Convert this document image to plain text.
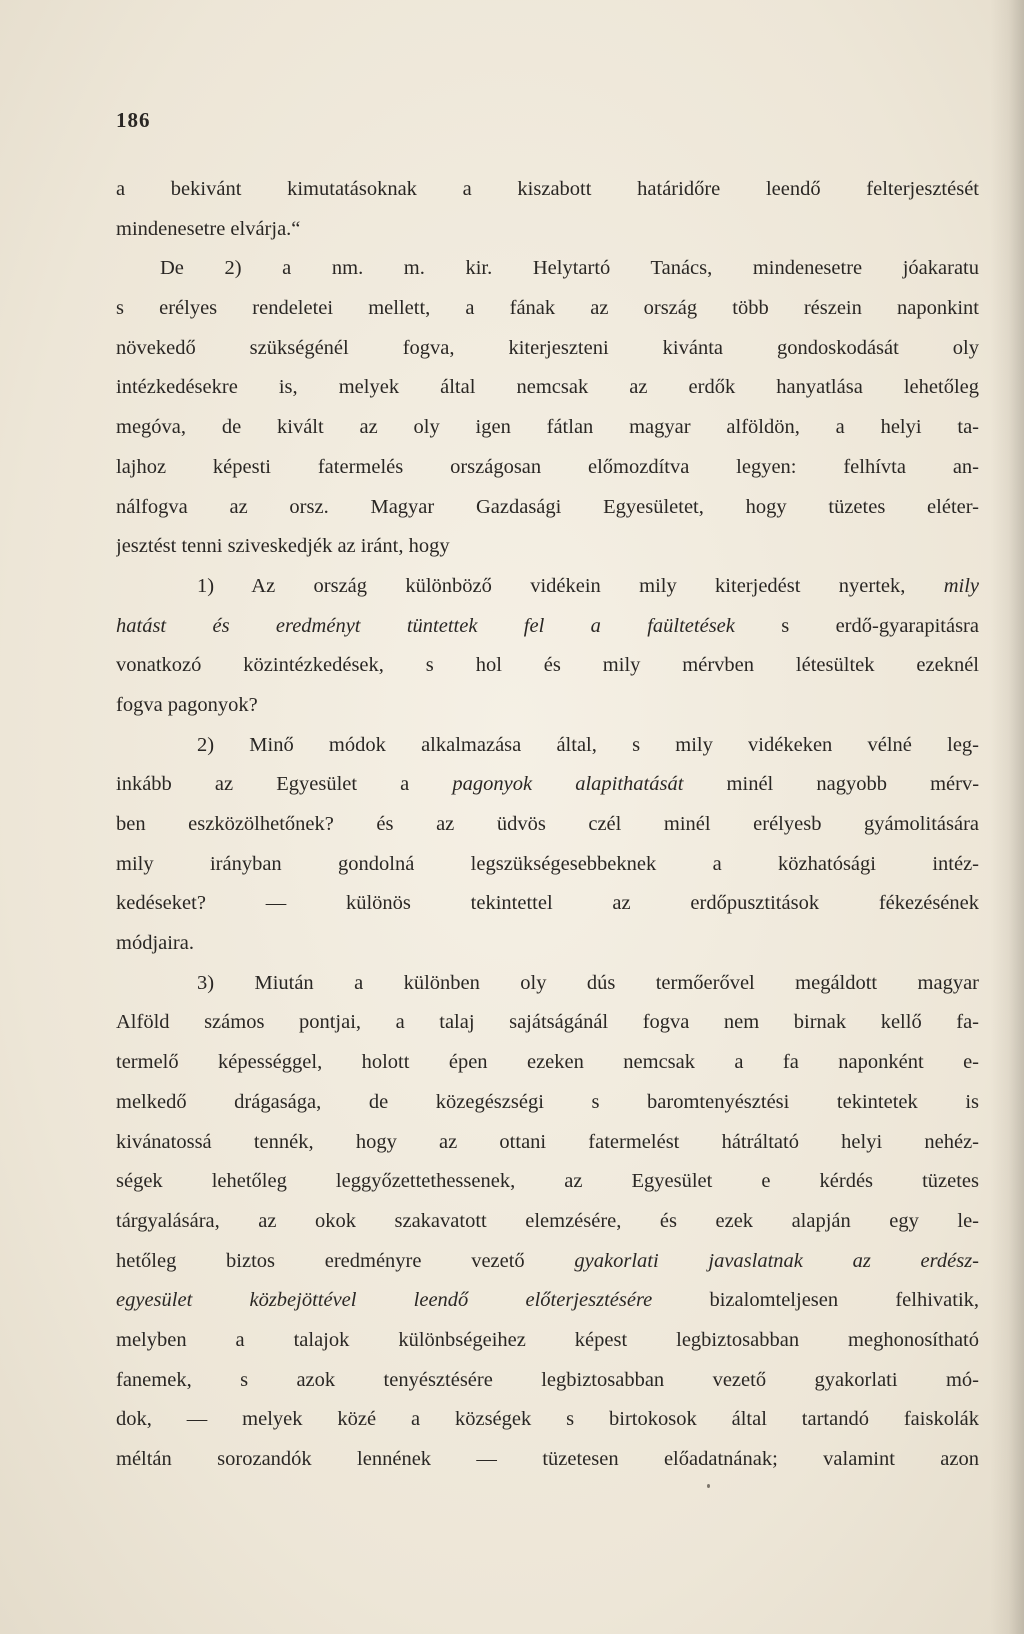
186
a bekivánt kimutatásoknak a kiszabott határidőre leendő felterjesztését
mindenesetre elvárja.“
De 2) a nm. m. kir. Helytartó Tanács, mindenesetre jóakaratu
s erélyes rendeletei mellett, a fának az ország több részein naponkint
növekedő szükségénél fogva, kiterjeszteni kivánta gondoskodását oly
intézkedésekre is, melyek által nemcsak az erdők hanyatlása lehetőleg
megóva, de kivált az oly igen fátlan magyar alföldön, a helyi ta-
lajhoz képesti fatermelés országosan előmozdítva legyen: felhívta an-
nálfogva az orsz. Magyar Gazdasági Egyesületet, hogy tüzetes eléter-
jesztést tenni sziveskedjék az iránt, hogy
1) Az ország különböző vidékein mily kiterjedést nyertek, mily
hatást és eredményt tüntettek fel a faültetések s erdő-gyarapitásra
vonatkozó közintézkedések, s hol és mily mérvben létesültek ezeknél
fogva pagonyok?
2) Minő módok alkalmazása által, s mily vidékeken vélné leg-
inkább az Egyesület a pagonyok alapithatását minél nagyobb mérv-
ben eszközölhetőnek? és az üdvös czél minél erélyesb gyámolitására
mily irányban gondolná legszükségesebbeknek a közhatósági intéz-
kedéseket? — különös tekintettel az erdőpusztitások fékezésének
módjaira.
3) Miután a különben oly dús termőerővel megáldott magyar
Alföld számos pontjai, a talaj sajátságánál fogva nem birnak kellő fa-
termelő képességgel, holott épen ezeken nemcsak a fa naponként e-
melkedő drágasága, de közegészségi s baromtenyésztési tekintetek is
kivánatossá tennék, hogy az ottani fatermelést hátráltató helyi nehéz-
ségek lehetőleg leggyőzettethessenek, az Egyesület e kérdés tüzetes
tárgyalására, az okok szakavatott elemzésére, és ezek alapján egy le-
hetőleg biztos eredményre vezető gyakorlati javaslatnak az erdész-
egyesület közbejöttével leendő előterjesztésére bizalomteljesen felhivatik,
melyben a talajok különbségeihez képest legbiztosabban meghonosítható
fanemek, s azok tenyésztésére legbiztosabban vezető gyakorlati mó-
dok, — melyek közé a községek s birtokosok által tartandó faiskolák
méltán sorozandók lennének — tüzetesen előadatnának; valamint azon
